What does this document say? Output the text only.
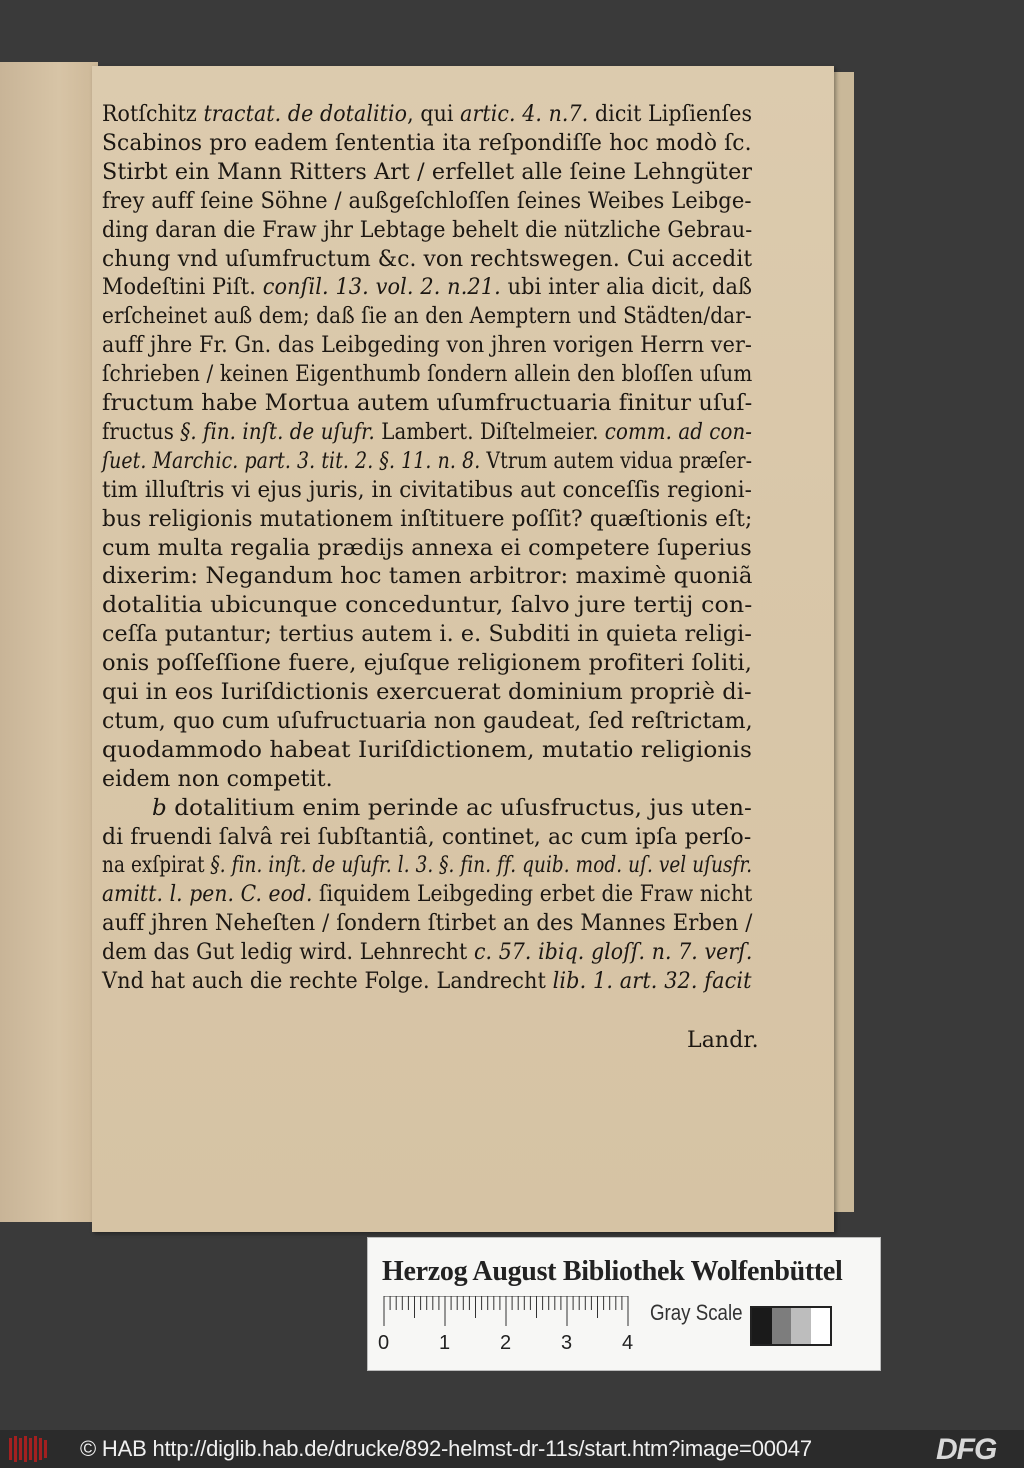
Rotſchitz tractat. de dotalitio, qui artic. 4. n.7. dicit Lipſienſes
Scabinos pro eadem ſententia ita reſpondiſſe hoc modò ſc.
Stirbt ein Mann Ritters Art / erfellet alle ſeine Lehngüter
frey auff ſeine Söhne / außgeſchloſſen ſeines Weibes Leibge-
ding daran die Fraw jhr Lebtage behelt die nützliche Gebrau-
chung vnd uſumfructum &c. von rechtswegen. Cui accedit
Modeſtini Piſt. conſil. 13. vol. 2. n.21. ubi inter alia dicit, daß
erſcheinet auß dem; daß ſie an den Aemptern und Städten/dar-
auff jhre Fr. Gn. das Leibgeding von jhren vorigen Herrn ver-
ſchrieben / keinen Eigenthumb ſondern allein den bloſſen uſum
fructum habe Mortua autem uſumfructuaria finitur uſuſ-
fructus §. fin. inſt. de uſufr. Lambert. Diſtelmeier. comm. ad con-
ſuet. Marchic. part. 3. tit. 2. §. 11. n. 8. Vtrum autem vidua præſer-
tim illuſtris vi ejus juris, in civitatibus aut conceſſis regioni-
bus religionis mutationem inſtituere poſſit? quæſtionis eſt;
cum multa regalia prædijs annexa ei competere ſuperius
dixerim: Negandum hoc tamen arbitror: maximè quoniã
dotalitia ubicunque conceduntur, ſalvo jure tertij con-
ceſſa putantur; tertius autem i. e. Subditi in quieta religi-
onis poſſeſſione fuere, ejuſque religionem profiteri ſoliti,
qui in eos Iuriſdictionis exercuerat dominium propriè di-
ctum, quo cum uſufructuaria non gaudeat, ſed reſtrictam,
quodammodo habeat Iuriſdictionem, mutatio religionis
eidem non competit.
b dotalitium enim perinde ac uſusfructus, jus uten-
di fruendi ſalvâ rei ſubſtantiâ, continet, ac cum ipſa perſo-
na exſpirat §. fin. inſt. de uſufr. l. 3. §. fin. ff. quib. mod. uſ. vel uſusfr.
amitt. l. pen. C. eod. ſiquidem Leibgeding erbet die Fraw nicht
auff jhren Neheſten / ſondern ſtirbet an des Mannes Erben /
dem das Gut ledig wird. Lehnrecht c. 57. ibiq. gloſſ. n. 7. verſ.
Vnd hat auch die rechte Folge. Landrecht lib. 1. art. 32. facit
Landr.
Herzog August Bibliothek Wolfenbüttel
0 1 2 3 4
Gray Scale
© HAB http://diglib.hab.de/drucke/892-helmst-dr-11s/start.htm?image=00047	DFG
